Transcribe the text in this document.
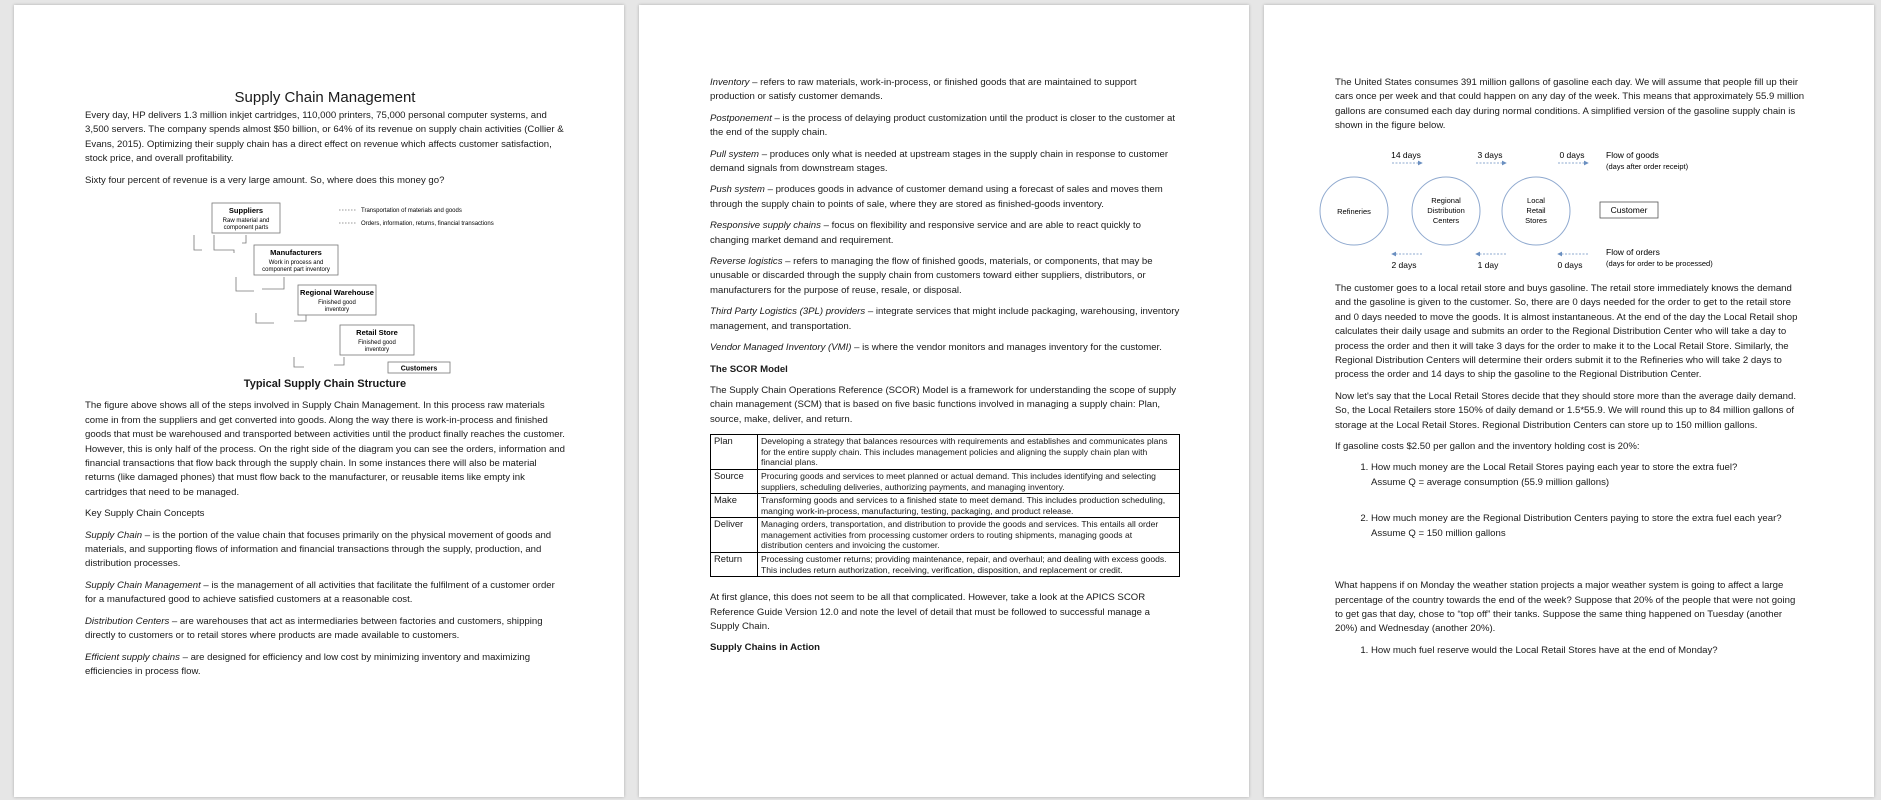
Supply Chain Management

Every day, HP delivers 1.3 million inkjet cartridges, 110,000 printers, 75,000 personal computer systems, and 3,500 servers. The company spends almost $50 billion, or 64% of its revenue on supply chain activities (Collier & Evans, 2015). Optimizing their supply chain has a direct effect on revenue which affects customer satisfaction, stock price, and overall profitability.

Sixty four percent of revenue is a very large amount. So, where does this money go?

Suppliers
Raw material and
component parts
Manufacturers
Work in process and
component part inventory
Regional Warehouse
Finished good
inventory
Retail Store
Finished good
inventory
Customers
Transportation of materials and goods
Orders, information, returns, financial transactions
Typical Supply Chain Structure

The figure above shows all of the steps involved in Supply Chain Management. In this process raw materials come in from the suppliers and get converted into goods. Along the way there is work-in-process and finished goods that must be warehoused and transported between activities until the product finally reaches the customer. However, this is only half of the process. On the right side of the diagram you can see the orders, information and financial transactions that flow back through the supply chain. In some instances there will also be material returns (like damaged phones) that must flow back to the manufacturer, or reusable items like empty ink cartridges that need to be managed.

Key Supply Chain Concepts

Supply Chain – is the portion of the value chain that focuses primarily on the physical movement of goods and materials, and supporting flows of information and financial transactions through the supply, production, and distribution processes.

Supply Chain Management – is the management of all activities that facilitate the fulfilment of a customer order for a manufactured good to achieve satisfied customers at a reasonable cost.

Distribution Centers – are warehouses that act as intermediaries between factories and customers, shipping directly to customers or to retail stores where products are made available to customers.

Efficient supply chains – are designed for efficiency and low cost by minimizing inventory and maximizing efficiencies in process flow.

Inventory – refers to raw materials, work-in-process, or finished goods that are maintained to support production or satisfy customer demands.

Postponement – is the process of delaying product customization until the product is closer to the customer at the end of the supply chain.

Pull system – produces only what is needed at upstream stages in the supply chain in response to customer demand signals from downstream stages.

Push system – produces goods in advance of customer demand using a forecast of sales and moves them through the supply chain to points of sale, where they are stored as finished-goods inventory.

Responsive supply chains – focus on flexibility and responsive service and are able to react quickly to changing market demand and requirement.

Reverse logistics – refers to managing the flow of finished goods, materials, or components, that may be unusable or discarded through the supply chain from customers toward either suppliers, distributors, or manufacturers for the purpose of reuse, resale, or disposal.

Third Party Logistics (3PL) providers – integrate services that might include packaging, warehousing, inventory management, and transportation.

Vendor Managed Inventory (VMI) – is where the vendor monitors and manages inventory for the customer.

The SCOR Model

The Supply Chain Operations Reference (SCOR) Model is a framework for understanding the scope of supply chain management (SCM) that is based on five basic functions involved in managing a supply chain: Plan, source, make, deliver, and return.

Plan	Developing a strategy that balances resources with requirements and establishes and communicates plans for the entire supply chain. This includes management policies and aligning the supply chain plan with financial plans.
Source	Procuring goods and services to meet planned or actual demand. This includes identifying and selecting suppliers, scheduling deliveries, authorizing payments, and managing inventory.
Make	Transforming goods and services to a finished state to meet demand. This includes production scheduling, manging work-in-process, manufacturing, testing, packaging, and product release.
Deliver	Managing orders, transportation, and distribution to provide the goods and services. This entails all order management activities from processing customer orders to routing shipments, managing goods at distribution centers and invoicing the customer.
Return	Processing customer returns; providing maintenance, repair, and overhaul; and dealing with excess goods. This includes return authorization, receiving, verification, disposition, and replacement or credit.

At first glance, this does not seem to be all that complicated. However, take a look at the APICS SCOR Reference Guide Version 12.0 and note the level of detail that must be followed to successful manage a Supply Chain.

Supply Chains in Action

The United States consumes 391 million gallons of gasoline each day. We will assume that people fill up their cars once per week and that could happen on any day of the week. This means that approximately 55.9 million gallons are consumed each day during normal conditions. A simplified version of the gasoline supply chain is shown in the figure below.

14 days	3 days	0 days	Flow of goods
(days after order receipt)
Refineries
Regional
Distribution
Centers
Local
Retail
Stores
Customer
2 days	1 day	0 days
Flow of orders
(days for order to be processed)

The customer goes to a local retail store and buys gasoline. The retail store immediately knows the demand and the gasoline is given to the customer. So, there are 0 days needed for the order to get to the retail store and 0 days needed to move the goods. It is almost instantaneous. At the end of the day the Local Retail shop calculates their daily usage and submits an order to the Regional Distribution Center who will take a day to process the order and then it will take 3 days for the order to make it to the Local Retail Store. Similarly, the Regional Distribution Centers will determine their orders submit it to the Refineries who will take 2 days to process the order and 14 days to ship the gasoline to the Regional Distribution Center.

Now let's say that the Local Retail Stores decide that they should store more than the average daily demand. So, the Local Retailers store 150% of daily demand or 1.5*55.9. We will round this up to 84 million gallons of storage at the Local Retail Stores. Regional Distribution Centers can store up to 150 million gallons.

If gasoline costs $2.50 per gallon and the inventory holding cost is 20%:

1. How much money are the Local Retail Stores paying each year to store the extra fuel?
Assume Q = average consumption (55.9 million gallons)
2. How much money are the Regional Distribution Centers paying to store the extra fuel each year?
Assume Q = 150 million gallons

What happens if on Monday the weather station projects a major weather system is going to affect a large percentage of the country towards the end of the week? Suppose that 20% of the people that were not going to get gas that day, chose to “top off” their tanks. Suppose the same thing happened on Tuesday (another 20%) and Wednesday (another 20%).

1. How much fuel reserve would the Local Retail Stores have at the end of Monday?
